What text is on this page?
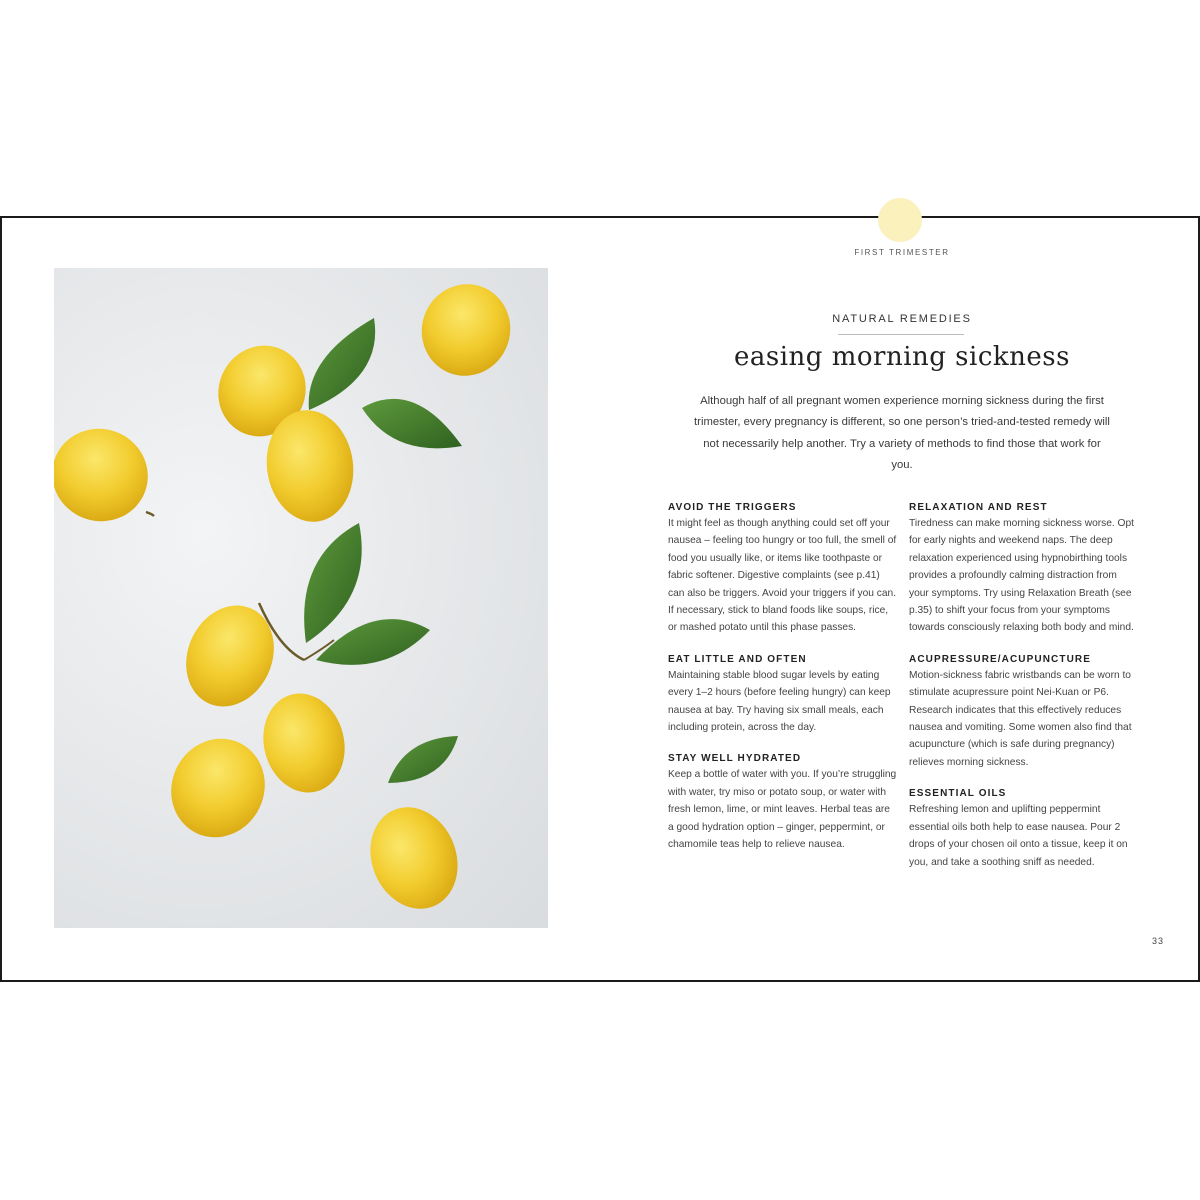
FIRST TRIMESTER
NATURAL REMEDIES
easing morning sickness
Although half of all pregnant women experience morning sickness during the first trimester, every pregnancy is different, so one person’s tried-and-tested remedy will not necessarily help another. Try a variety of methods to find those that work for you.
AVOID THE TRIGGERS

It might feel as though anything could set off your nausea – feeling too hungry or too full, the smell of food you usually like, or items like toothpaste or fabric softener. Digestive complaints (see p.41) can also be triggers. Avoid your triggers if you can. If necessary, stick to bland foods like soups, rice, or mashed potato until this phase passes.

EAT LITTLE AND OFTEN

Maintaining stable blood sugar levels by eating every 1–2 hours (before feeling hungry) can keep nausea at bay. Try having six small meals, each including protein, across the day.

STAY WELL HYDRATED

Keep a bottle of water with you. If you’re struggling with water, try miso or potato soup, or water with fresh lemon, lime, or mint leaves. Herbal teas are a good hydration option – ginger, peppermint, or chamomile teas help to relieve nausea.

RELAXATION AND REST

Tiredness can make morning sickness worse. Opt for early nights and weekend naps. The deep relaxation experienced using hypnobirthing tools provides a profoundly calming distraction from your symptoms. Try using Relaxation Breath (see p.35) to shift your focus from your symptoms towards consciously relaxing both body and mind.

ACUPRESSURE/ACUPUNCTURE

Motion-sickness fabric wristbands can be worn to stimulate acupressure point Nei-Kuan or P6. Research indicates that this effectively reduces nausea and vomiting. Some women also find that acupuncture (which is safe during pregnancy) relieves morning sickness.

ESSENTIAL OILS

Refreshing lemon and uplifting peppermint essential oils both help to ease nausea. Pour 2 drops of your chosen oil onto a tissue, keep it on you, and take a soothing sniff as needed.

33
